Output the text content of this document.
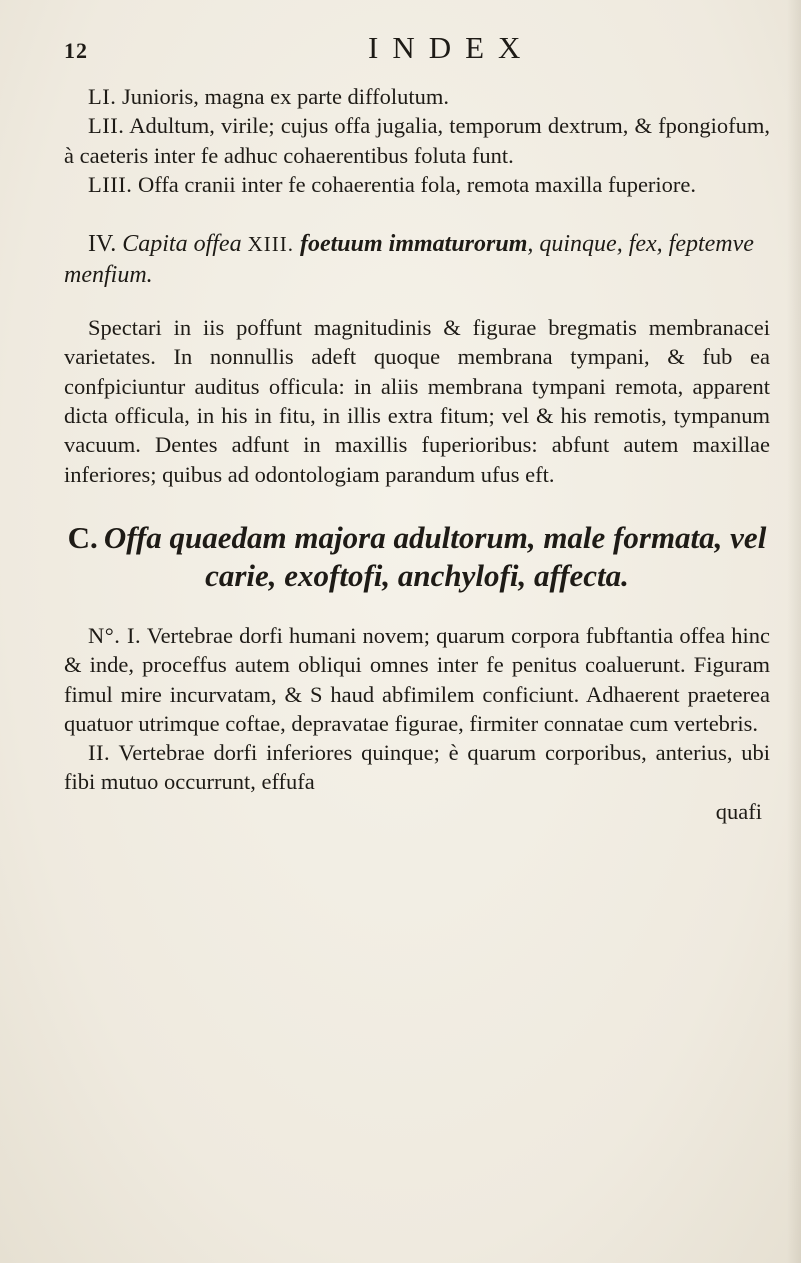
12	INDEX

LI. Junioris, magna ex parte diffolutum.

LII. Adultum, virile; cujus offa jugalia, temporum dextrum, & fpongiofum, à caeteris inter fe adhuc cohaerentibus foluta funt.

LIII. Offa cranii inter fe cohaerentia fola, remota maxilla fuperiore.

IV. Capita offea XIII. foetuum immaturorum, quinque, fex, feptemve menfium.

Spectari in iis poffunt magnitudinis & figurae bregmatis membranacei varietates. In nonnullis adeft quoque membrana tympani, & fub ea confpiciuntur auditus officula: in aliis membrana tympani remota, apparent dicta officula, in his in fitu, in illis extra fitum; vel & his remotis, tympanum vacuum. Dentes adfunt in maxillis fuperioribus: abfunt autem maxillae inferiores; quibus ad odontologiam parandum ufus eft.

C. Offa quaedam majora adultorum, male formata, vel carie, exoftofi, anchylofi, affecta.

N°. I. Vertebrae dorfi humani novem; quarum corpora fubftantia offea hinc & inde, proceffus autem obliqui omnes inter fe penitus coaluerunt. Figuram fimul mire incurvatam, & S haud abfimilem conficiunt. Adhaerent praeterea quatuor utrimque coftae, depravatae figurae, firmiter connatae cum vertebris.

II. Vertebrae dorfi inferiores quinque; è quarum corporibus, anterius, ubi fibi mutuo occurrunt, effufa

quafi
